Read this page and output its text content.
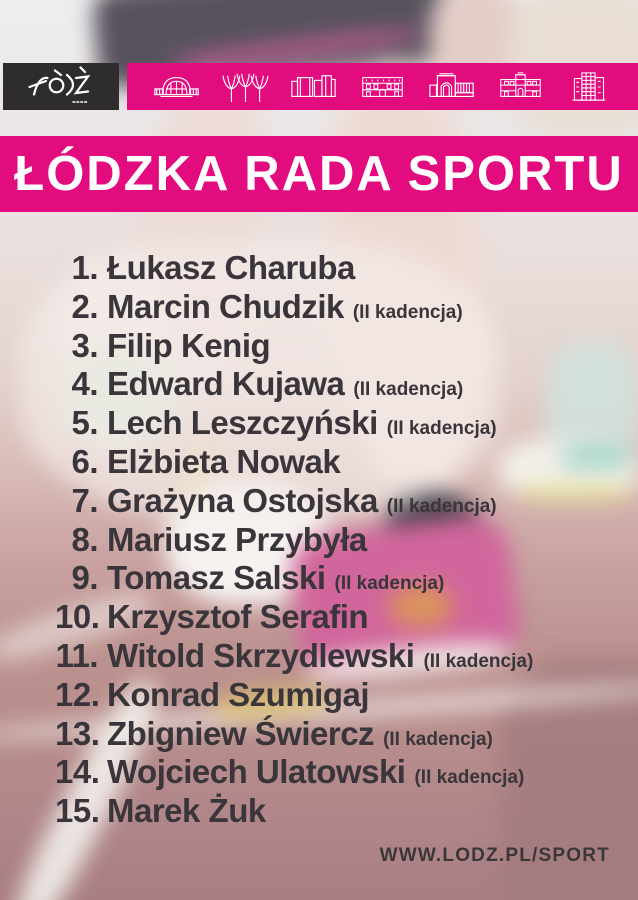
ŁÓDZKA RADA SPORTU
1. Łukasz Charuba
2. Marcin Chudzik (II kadencja)
3. Filip Kenig
4. Edward Kujawa (II kadencja)
5. Lech Leszczyński (II kadencja)
6. Elżbieta Nowak
7. Grażyna Ostojska (II kadencja)
8. Mariusz Przybyła
9. Tomasz Salski (II kadencja)
10. Krzysztof Serafin
11. Witold Skrzydlewski (II kadencja)
12. Konrad Szumigaj
13. Zbigniew Świercz (II kadencja)
14. Wojciech Ulatowski (II kadencja)
15. Marek Żuk
WWW.LODZ.PL/SPORT
